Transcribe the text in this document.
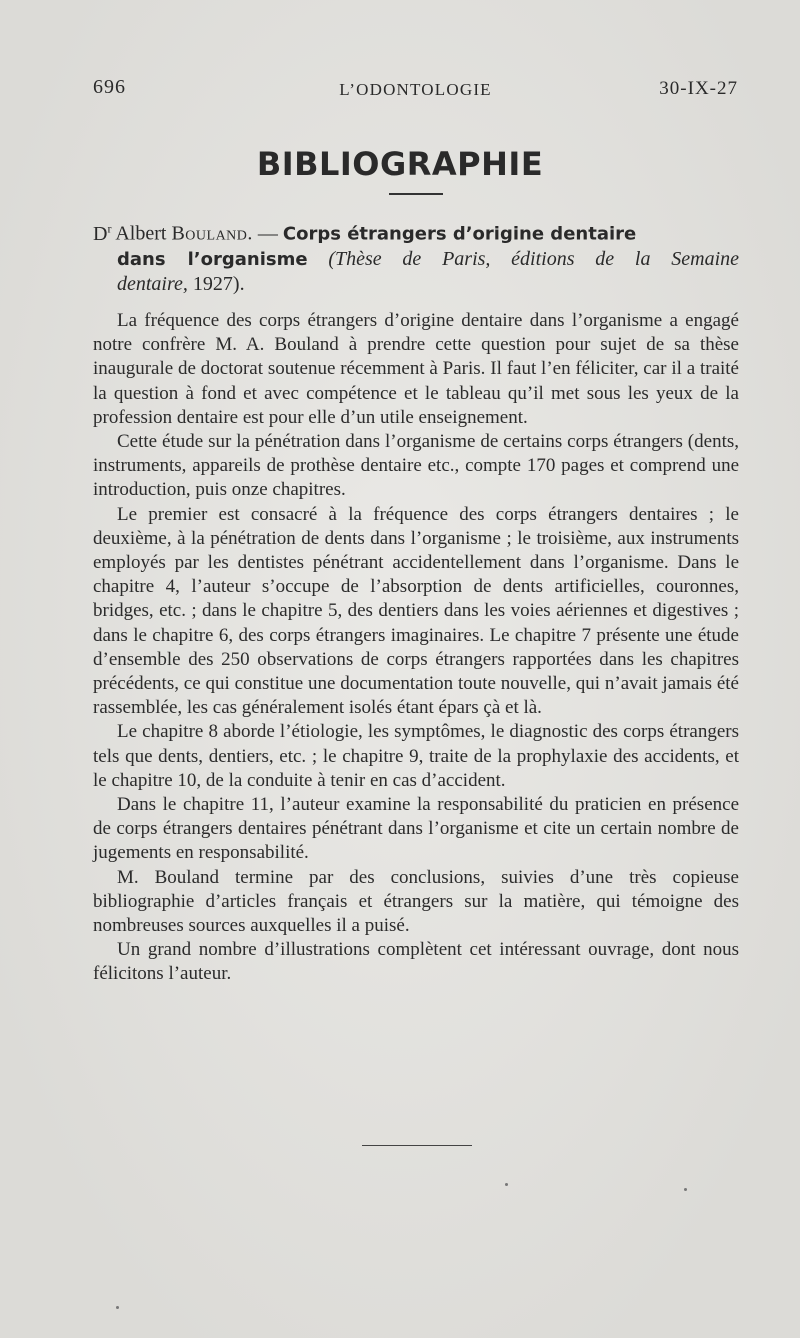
696	L’ODONTOLOGIE	30-IX-27
BIBLIOGRAPHIE

$D^r$ Albert Bouland. — Corps étrangers d’origine dentaire

dans l’organisme (Thèse de Paris, éditions de la Semaine

dentaire, 1927).

La fréquence des corps étrangers d’origine dentaire dans l’organisme a engagé notre confrère M. A. Bouland à prendre cette question pour sujet de sa thèse inaugurale de doctorat soutenue récemment à Paris. Il faut l’en féliciter, car il a traité la question à fond et avec compétence et le tableau qu’il met sous les yeux de la profession dentaire est pour elle d’un utile enseignement.

Cette étude sur la pénétration dans l’organisme de certains corps étrangers (dents, instruments, appareils de prothèse dentaire etc., compte 170 pages et comprend une introduction, puis onze chapitres.

Le premier est consacré à la fréquence des corps étrangers dentaires ; le deuxième, à la pénétration de dents dans l’organisme ; le troisième, aux instruments employés par les dentistes pénétrant accidentellement dans l’organisme. Dans le chapitre 4, l’auteur s’occupe de l’absorption de dents artificielles, couronnes, bridges, etc. ; dans le chapitre 5, des dentiers dans les voies aériennes et digestives ; dans le chapitre 6, des corps étrangers imaginaires. Le chapitre 7 présente une étude d’ensemble des 250 observations de corps étrangers rapportées dans les chapitres précédents, ce qui constitue une documentation toute nouvelle, qui n’avait jamais été rassemblée, les cas généralement isolés étant épars çà et là.

Le chapitre 8 aborde l’étiologie, les symptômes, le diagnostic des corps étrangers tels que dents, dentiers, etc. ; le chapitre 9, traite de la prophylaxie des accidents, et le chapitre 10, de la conduite à tenir en cas d’accident.

Dans le chapitre 11, l’auteur examine la responsabilité du praticien en présence de corps étrangers dentaires pénétrant dans l’organisme et cite un certain nombre de jugements en responsabilité.

M. Bouland termine par des conclusions, suivies d’une très copieuse bibliographie d’articles français et étrangers sur la matière, qui témoigne des nombreuses sources auxquelles il a puisé.

Un grand nombre d’illustrations complètent cet intéressant ouvrage, dont nous félicitons l’auteur.
